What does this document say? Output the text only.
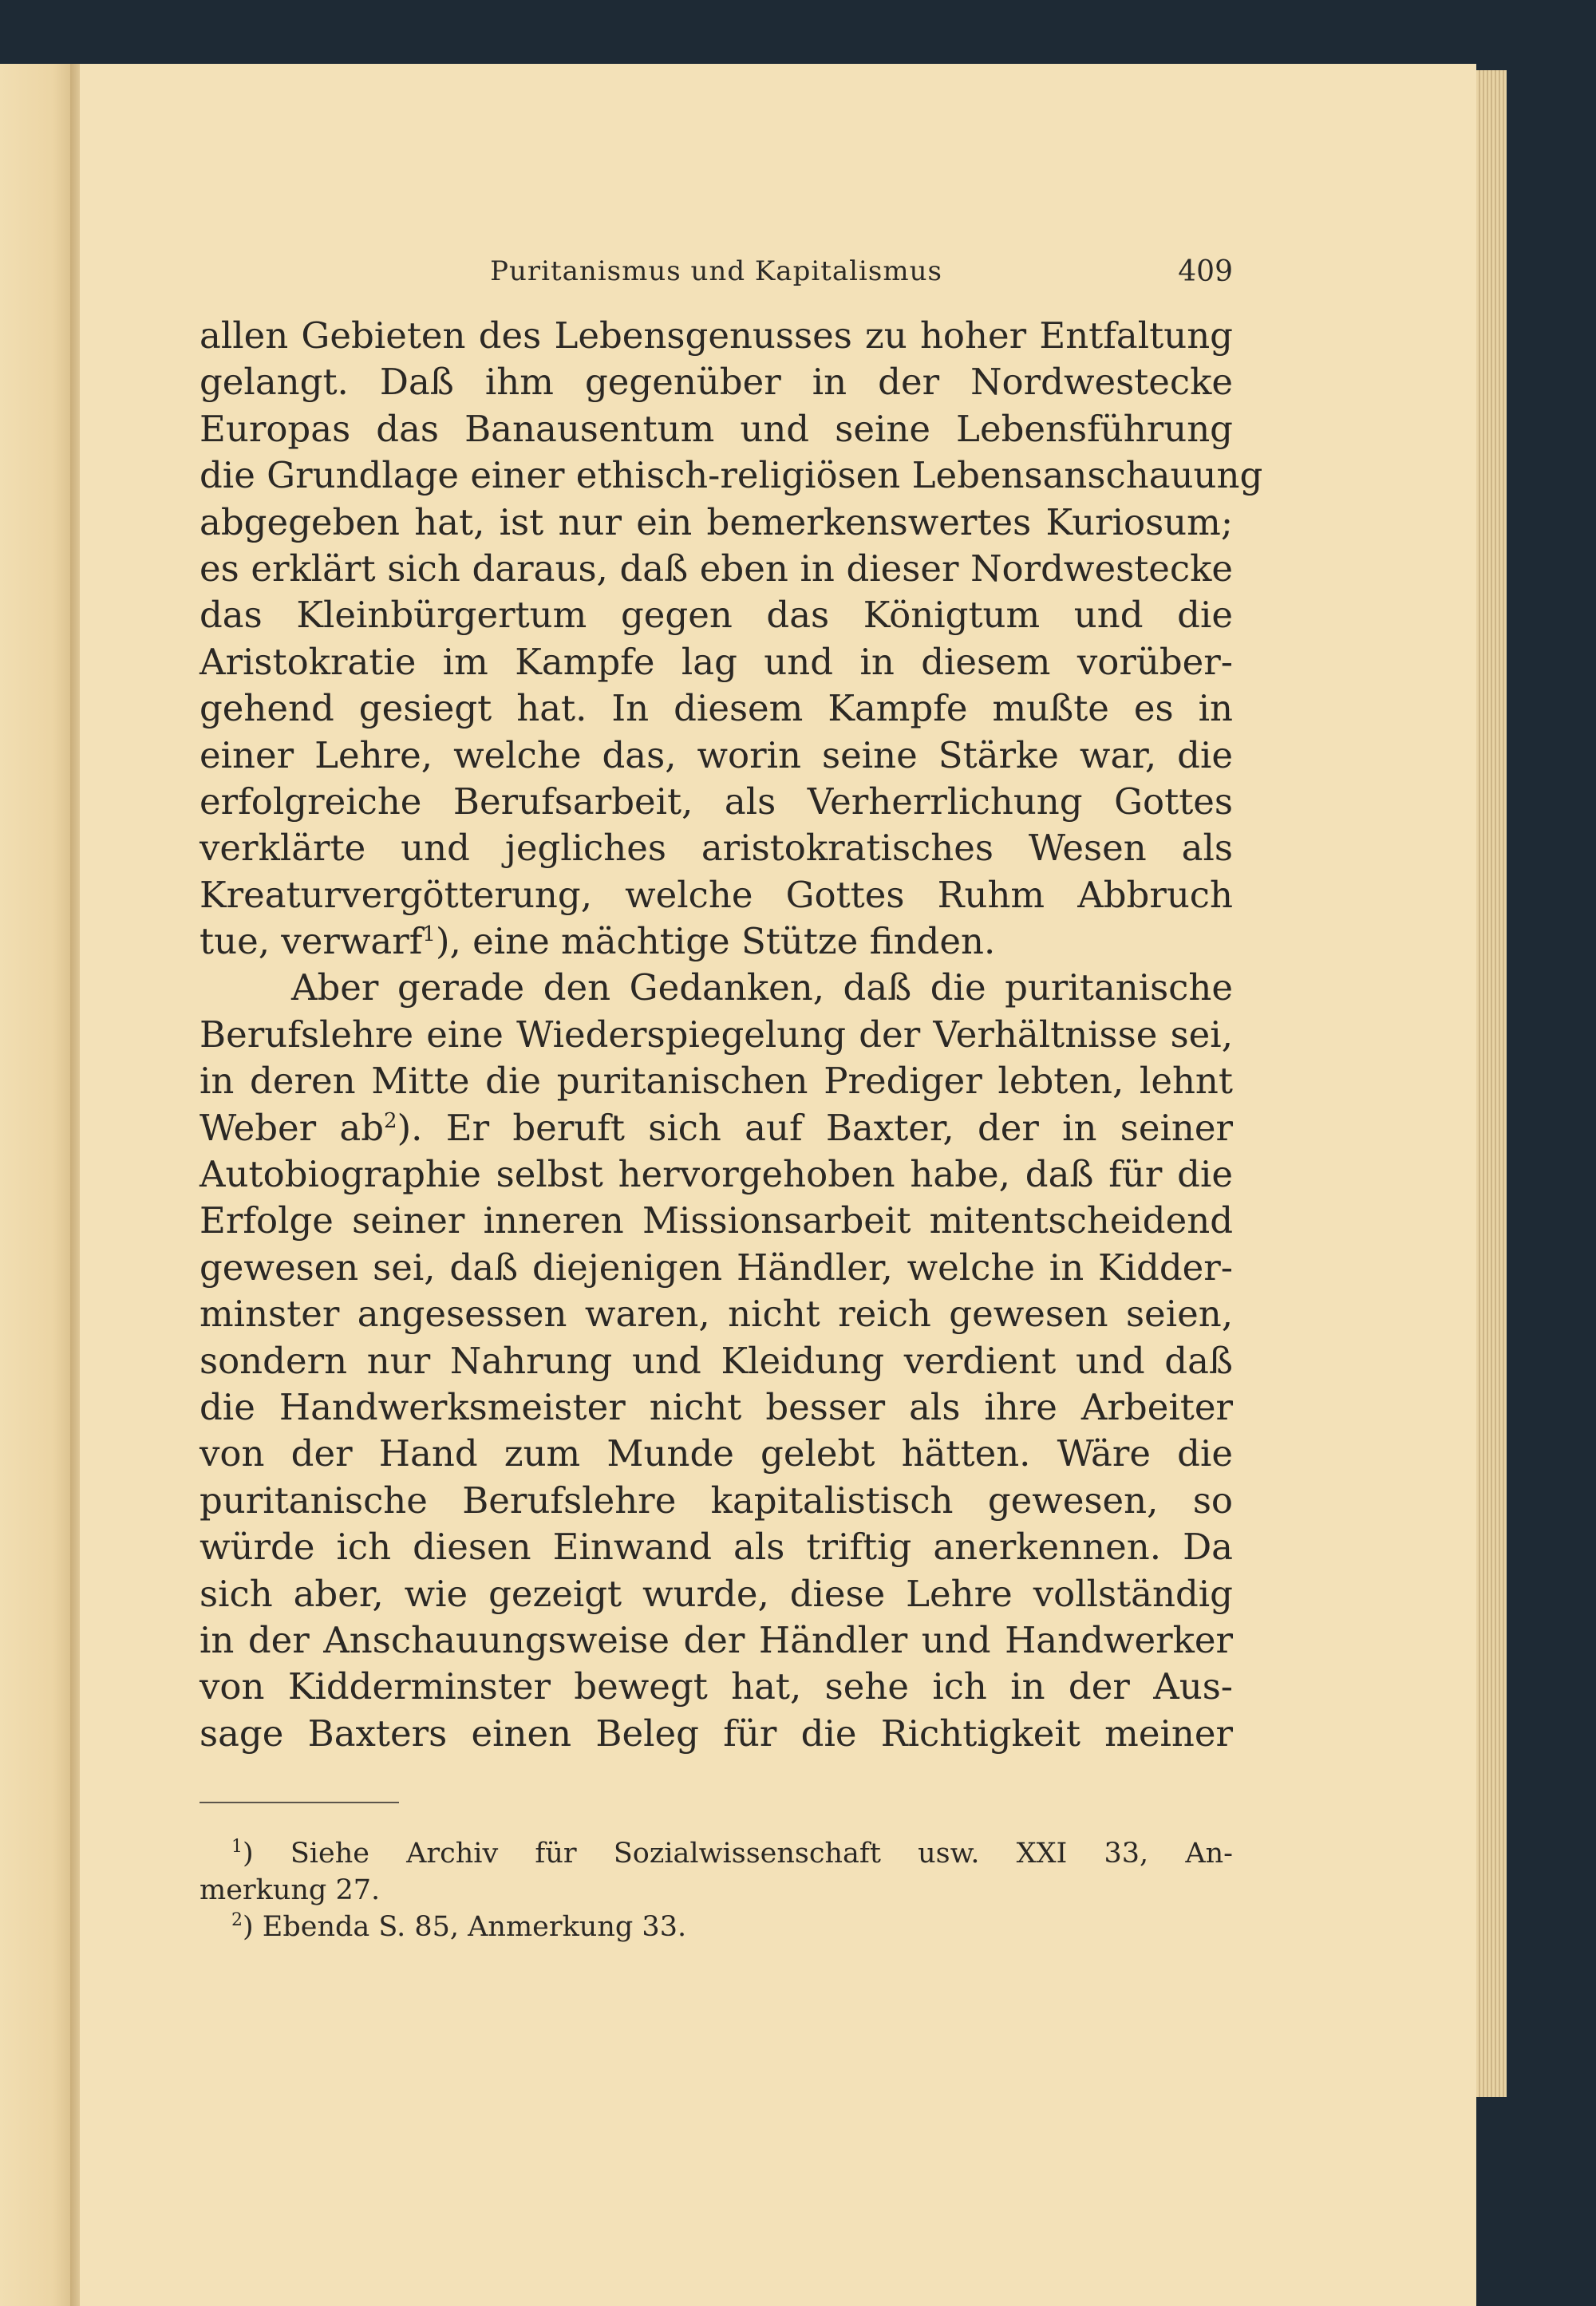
Puritanismus und Kapitalismus	409
allen Gebieten des Lebensgenusses zu hoher Entfaltung
gelangt. Daß ihm gegenüber in der Nordwestecke
Europas das Banausentum und seine Lebensführung
die Grundlage einer ethisch-religiösen Lebensanschauung
abgegeben hat, ist nur ein bemerkenswertes Kuriosum;
es erklärt sich daraus, daß eben in dieser Nordwestecke
das Kleinbürgertum gegen das Königtum und die
Aristokratie im Kampfe lag und in diesem vorüber-
gehend gesiegt hat. In diesem Kampfe mußte es in
einer Lehre, welche das, worin seine Stärke war, die
erfolgreiche Berufsarbeit, als Verherrlichung Gottes
verklärte und jegliches aristokratisches Wesen als
Kreaturvergötterung, welche Gottes Ruhm Abbruch
tue, verwarf$^1$), eine mächtige Stütze finden.
Aber gerade den Gedanken, daß die puritanische
Berufslehre eine Wiederspiegelung der Verhältnisse sei,
in deren Mitte die puritanischen Prediger lebten, lehnt
Weber $ab^2$). Er beruft sich auf Baxter, der in seiner
Autobiographie selbst hervorgehoben habe, daß für die
Erfolge seiner inneren Missionsarbeit mitentscheidend
gewesen sei, daß diejenigen Händler, welche in Kidder-
minster angesessen waren, nicht reich gewesen seien,
sondern nur Nahrung und Kleidung verdient und daß
die Handwerksmeister nicht besser als ihre Arbeiter
von der Hand zum Munde gelebt hätten. Wäre die
puritanische Berufslehre kapitalistisch gewesen, so
würde ich diesen Einwand als triftig anerkennen. Da
sich aber, wie gezeigt wurde, diese Lehre vollständig
in der Anschauungsweise der Händler und Handwerker
von Kidderminster bewegt hat, sehe ich in der Aus-
sage Baxters einen Beleg für die Richtigkeit meiner
$^1$) Siehe Archiv für Sozialwissenschaft usw. XXI 33, An-
merkung 27.
$^2$) Ebenda S. 85, Anmerkung 33.
